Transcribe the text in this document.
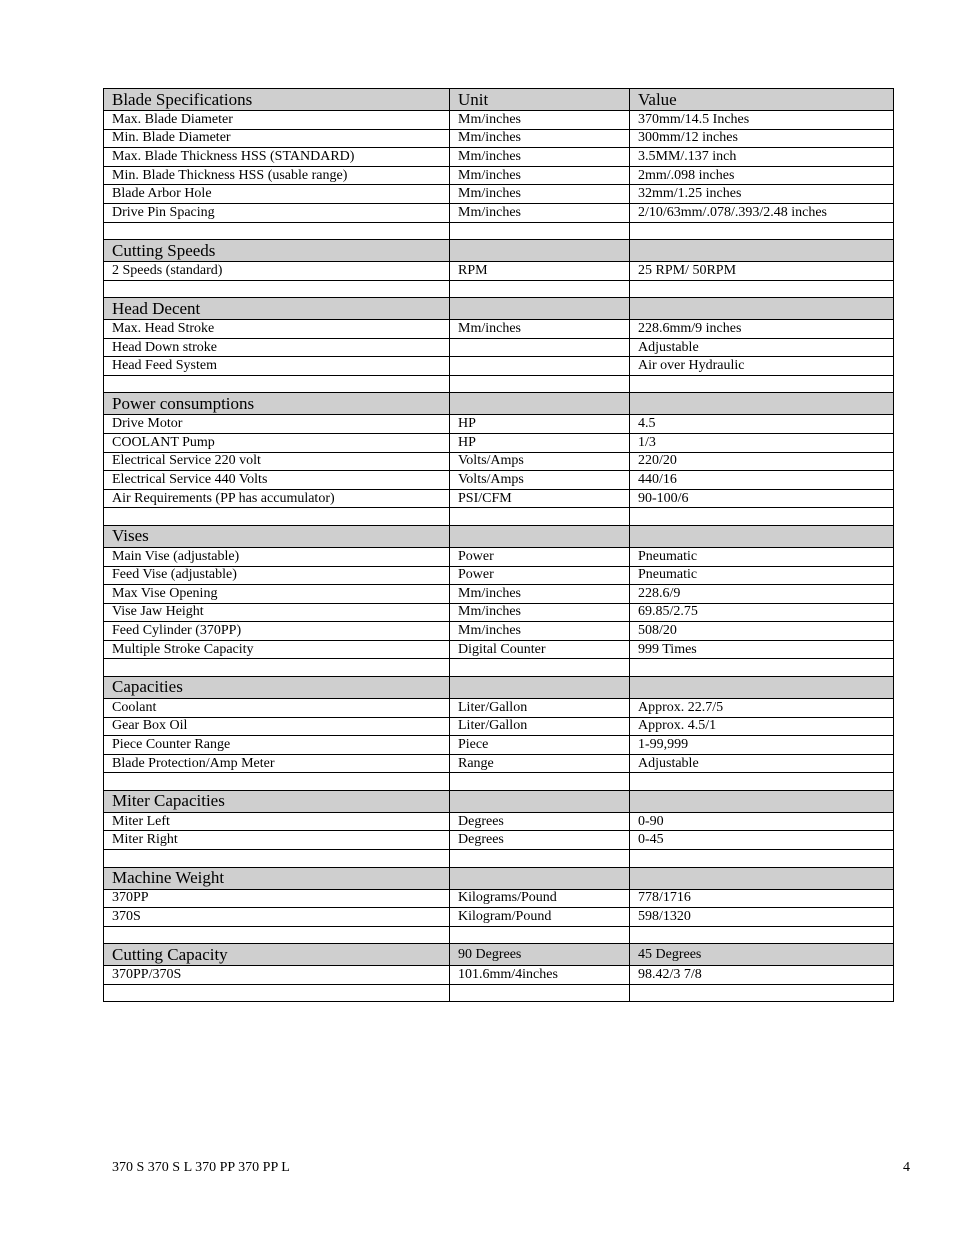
Blade Specifications	Unit	Value
Max. Blade Diameter	Mm/inches	370mm/14.5 Inches
Min. Blade Diameter	Mm/inches	300mm/12 inches
Max. Blade Thickness HSS (STANDARD)	Mm/inches	3.5MM/.137 inch
Min. Blade Thickness HSS (usable range)	Mm/inches	2mm/.098 inches
Blade Arbor Hole	Mm/inches	32mm/1.25 inches
Drive Pin Spacing	Mm/inches	2/10/63mm/.078/.393/2.48 inches

Cutting Speeds		
2 Speeds (standard)	RPM	25 RPM/ 50RPM

Head Decent		
Max. Head Stroke	Mm/inches	228.6mm/9 inches
Head Down stroke		Adjustable
Head Feed System		Air over Hydraulic

Power consumptions		
Drive Motor	HP	4.5
COOLANT Pump	HP	1/3
Electrical Service 220 volt	Volts/Amps	220/20
Electrical Service 440 Volts	Volts/Amps	440/16
Air Requirements (PP has accumulator)	PSI/CFM	90-100/6

Vises		
Main Vise (adjustable)	Power	Pneumatic
Feed Vise (adjustable)	Power	Pneumatic
Max Vise Opening	Mm/inches	228.6/9
Vise Jaw Height	Mm/inches	69.85/2.75
Feed Cylinder (370PP)	Mm/inches	508/20
Multiple Stroke Capacity	Digital Counter	999 Times

Capacities		
Coolant	Liter/Gallon	Approx. 22.7/5
Gear Box Oil	Liter/Gallon	Approx. 4.5/1
Piece Counter Range	Piece	1-99,999
Blade Protection/Amp Meter	Range	Adjustable

Miter Capacities		
Miter Left	Degrees	0-90
Miter Right	Degrees	0-45

Machine Weight		
370PP	Kilograms/Pound	778/1716
370S	Kilogram/Pound	598/1320

Cutting Capacity	90 Degrees	45 Degrees
370PP/370S	101.6mm/4inches	98.42/3 7/8

370 S 370 S L 370 PP 370 PP L	4
